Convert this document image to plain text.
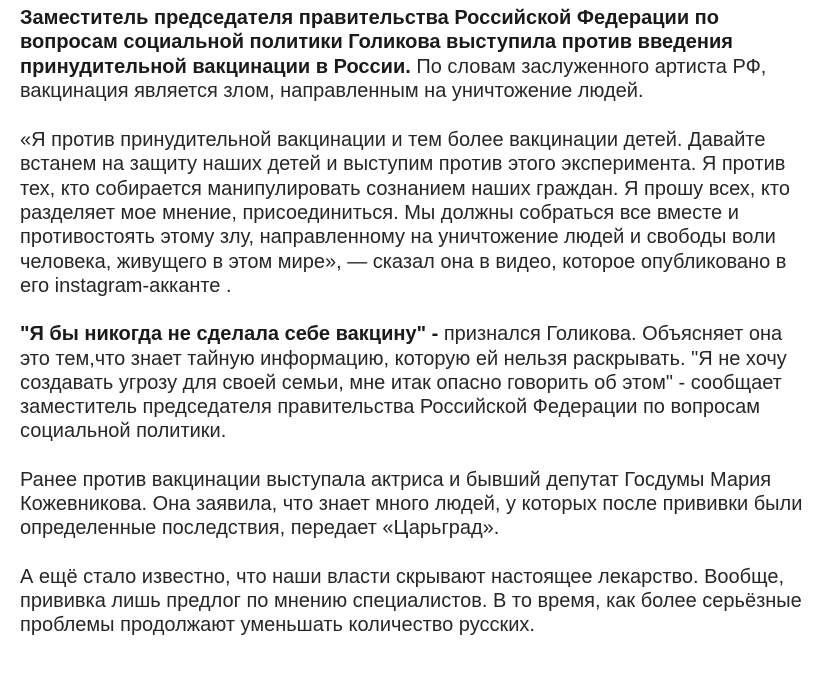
Заместитель председателя правительства Российской Федерации по вопросам социальной политики Голикова выступила против введения принудительной вакцинации в России. По словам заслуженного артиста РФ, вакцинация является злом, направленным на уничтожение людей.

«Я против принудительной вакцинации и тем более вакцинации детей. Давайте встанем на защиту наших детей и выступим против этого эксперимента. Я против тех, кто собирается манипулировать сознанием наших граждан. Я прошу всех, кто разделяет мое мнение, присоединиться. Мы должны собраться все вместе и противостоять этому злу, направленному на уничтожение людей и свободы воли человека, живущего в этом мире», — сказал она в видео, которое опубликовано в его instagram-акканте .

"Я бы никогда не сделала себе вакцину" - признался Голикова. Объясняет она это тем,что знает тайную информацию, которую ей нельзя раскрывать. "Я не хочу создавать угрозу для своей семьи, мне итак опасно говорить об этом" - сообщает заместитель председателя правительства Российской Федерации по вопросам социальной политики.

Ранее против вакцинации выступала актриса и бывший депутат Госдумы Мария Кожевникова. Она заявила, что знает много людей, у которых после прививки были определенные последствия, передает «Царьград».

А ещё стало известно, что наши власти скрывают настоящее лекарство. Вообще, прививка лишь предлог по мнению специалистов. В то время, как более серьёзные проблемы продолжают уменьшать количество русских.
